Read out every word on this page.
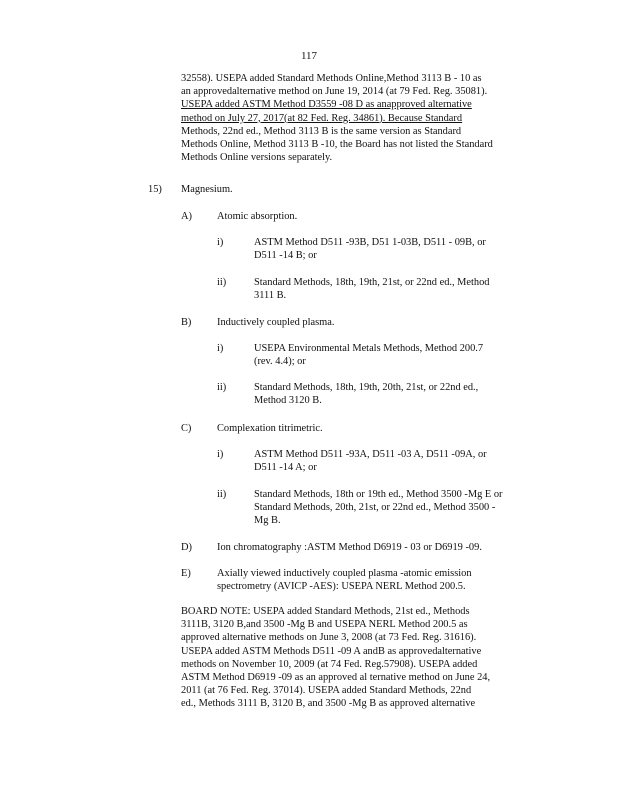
117
32558). USEPA added Standard Methods Online,Method 3113 B - 10 as
an approvedalternative method on June 19, 2014 (at 79 Fed. Reg. 35081).
USEPA added ASTM Method D3559 -08 D as anapproved alternative
method on July 27, 2017(at 82 Fed. Reg. 34861). Because Standard
Methods, 22nd ed., Method 3113 B is the same version as Standard
Methods Online, Method 3113 B -10, the Board has not listed the Standard
Methods Online versions separately.
15) Magnesium.
A) Atomic absorption.
i)	ASTM Method D511 -93B, D51 1-03B, D511 - 09B, or
D511 -14 B; or
ii)	Standard Methods, 18th, 19th, 21st, or 22nd ed., Method
3111 B.
B) Inductively coupled plasma.
i)	USEPA Environmental Metals Methods, Method 200.7
(rev. 4.4); or
ii)	Standard Methods, 18th, 19th, 20th, 21st, or 22nd ed.,
Method 3120 B.
C) Complexation titrimetric.
i)	ASTM Method D511 -93A, D511 -03 A, D511 -09A, or
D511 -14 A; or
ii)	Standard Methods, 18th or 19th ed., Method 3500 -Mg E or
Standard Methods, 20th, 21st, or 22nd ed., Method 3500 -
Mg B.
D) Ion chromatography :ASTM Method D6919 - 03 or D6919 -09.
E)	Axially viewed inductively coupled plasma -atomic emission
spectrometry (AVICP -AES): USEPA NERL Method 200.5.
BOARD NOTE: USEPA added Standard Methods, 21st ed., Methods
3111B, 3120 B,and 3500 -Mg B and USEPA NERL Method 200.5 as
approved alternative methods on June 3, 2008 (at 73 Fed. Reg. 31616).
USEPA added ASTM Methods D511 -09 A andB as approvedalternative
methods on November 10, 2009 (at 74 Fed. Reg.57908). USEPA added
ASTM Method D6919 -09 as an approved al ternative method on June 24,
2011 (at 76 Fed. Reg. 37014). USEPA added Standard Methods, 22nd
ed., Methods 3111 B, 3120 B, and 3500 -Mg B as approved alternative
